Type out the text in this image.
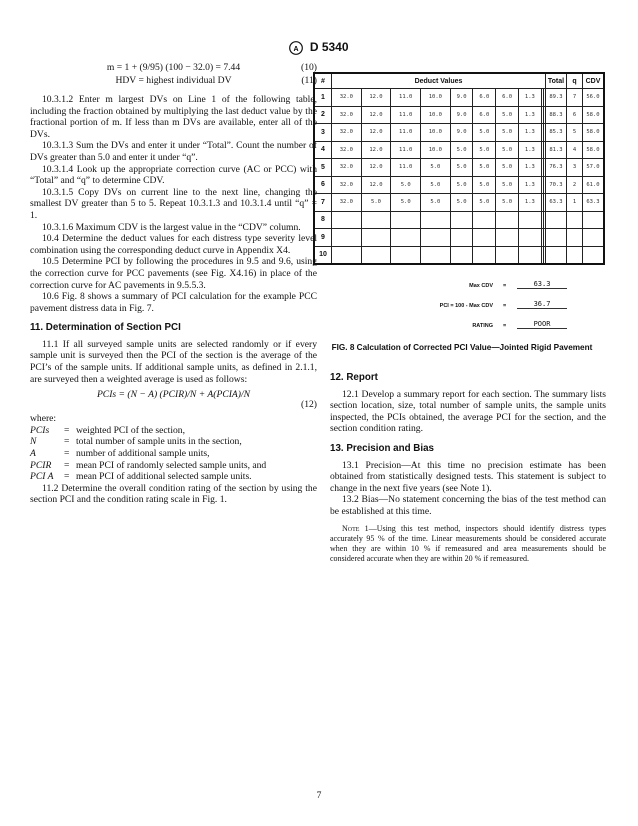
A D 5340
m = 1 + (9/95) (100 − 32.0) = 7.44	(10)
HDV = highest individual DV	(11)

10.3.1.2 Enter m largest DVs on Line 1 of the following table, including the fraction obtained by multiplying the last deduct value by the fractional portion of m. If less than m DVs are available, enter all of the DVs.

10.3.1.3 Sum the DVs and enter it under “Total”. Count the number of DVs greater than 5.0 and enter it under “q”.

10.3.1.4 Look up the appropriate correction curve (AC or PCC) with “Total” and “q” to determine CDV.

10.3.1.5 Copy DVs on current line to the next line, changing the smallest DV greater than 5 to 5. Repeat 10.3.1.3 and 10.3.1.4 until “q” = 1.

10.3.1.6 Maximum CDV is the largest value in the “CDV” column.

10.4 Determine the deduct values for each distress type severity level combination using the corresponding deduct curve in Appendix X4.

10.5 Determine PCI by following the procedures in 9.5 and 9.6, using the correction curve for PCC pavements (see Fig. X4.16) in place of the correction curve for AC pavements in 9.5.5.3.

10.6 Fig. 8 shows a summary of PCI calculation for the example PCC pavement distress data in Fig. 7.

11. Determination of Section PCI

11.1 If all surveyed sample units are selected randomly or if every sample unit is surveyed then the PCI of the section is the average of the PCI’s of the sample units. If additional sample units, as defined in 2.1.1, are surveyed then a weighted average is used as follows:

PCIs = (N − A) (PCIR)/N + A(PCIA)/N
(12)
where:
PCIs	= weighted PCI of the section,
N	= total number of sample units in the section,
A	= number of additional sample units,
PCIR	= mean PCI of randomly selected sample units, and
PCI A	= mean PCI of additional selected sample units.

11.2 Determine the overall condition rating of the section by using the section PCI and the condition rating scale in Fig. 1.

#	Deduct Values										Total	q	CDV
1	32.0	12.0	11.0	10.0	9.0	6.0	6.0	1.3			89.3	7	56.0
2	32.0	12.0	11.0	10.0	9.0	6.0	5.0	1.3			88.3	6	58.0
3	32.0	12.0	11.0	10.0	9.0	5.0	5.0	1.3			85.3	5	58.0
4	32.0	12.0	11.0	10.0	5.0	5.0	5.0	1.3			81.3	4	58.0
5	32.0	12.0	11.0	5.0	5.0	5.0	5.0	1.3			76.3	3	57.0
6	32.0	12.0	5.0	5.0	5.0	5.0	5.0	1.3			70.3	2	61.0
7	32.0	5.0	5.0	5.0	5.0	5.0	5.0	1.3			63.3	1	63.3
8													
9													
10													
Max CDV =	63.3
PCI = 100 - Max CDV =	36.7
RATING =	POOR
FIG. 8 Calculation of Corrected PCI Value—Jointed Rigid Pavement
12. Report

12.1 Develop a summary report for each section. The summary lists section location, size, total number of sample units, the sample units inspected, the PCIs obtained, the average PCI for the section, and the section condition rating.

13. Precision and Bias

13.1 Precision—At this time no precision estimate has been obtained from statistically designed tests. This statement is subject to change in the next five years (see Note 1).

13.2 Bias—No statement concerning the bias of the test method can be established at this time.

Note 1—Using this test method, inspectors should identify distress types accurately 95 % of the time. Linear measurements should be considered accurate when they are within 10 % if remeasured and area measurements should be considered accurate when they are within 20 % if remeasured.
7
